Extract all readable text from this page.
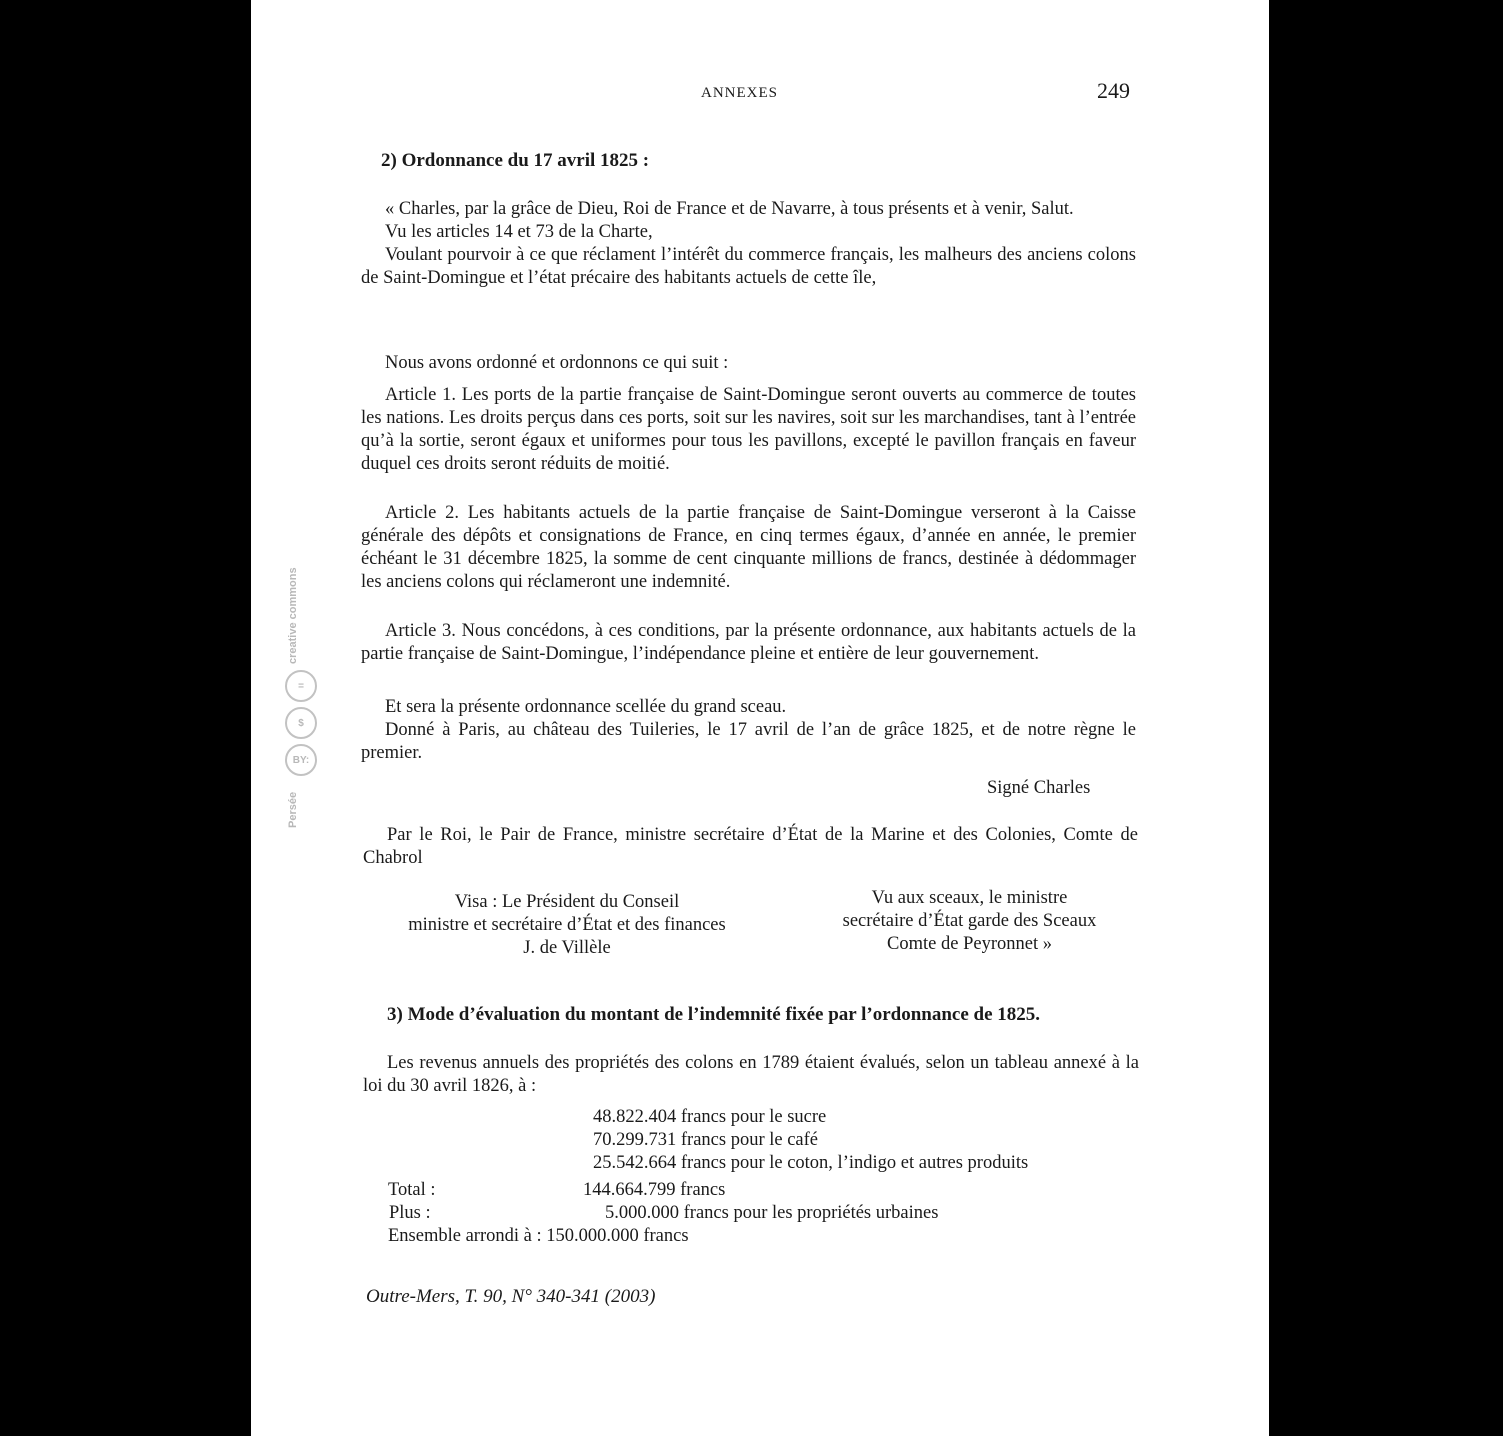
ANNEXES	249
creative commons
=
$
BY:
Persée
2) Ordonnance du 17 avril 1825 :
« Charles, par la grâce de Dieu, Roi de France et de Navarre, à tous présents et à venir, Salut.
Vu les articles 14 et 73 de la Charte,
Voulant pourvoir à ce que réclament l’intérêt du commerce français, les malheurs des anciens colons de Saint-Domingue et l’état précaire des habitants actuels de cette île,
Nous avons ordonné et ordonnons ce qui suit :
Article 1. Les ports de la partie française de Saint-Domingue seront ouverts au commerce de toutes les nations. Les droits perçus dans ces ports, soit sur les navires, soit sur les marchandises, tant à l’entrée qu’à la sortie, seront égaux et uniformes pour tous les pavillons, excepté le pavillon français en faveur duquel ces droits seront réduits de moitié.
Article 2. Les habitants actuels de la partie française de Saint-Domingue verseront à la Caisse générale des dépôts et consignations de France, en cinq termes égaux, d’année en année, le premier échéant le 31 décembre 1825, la somme de cent cinquante millions de francs, destinée à dédommager les anciens colons qui réclameront une indemnité.
Article 3. Nous concédons, à ces conditions, par la présente ordonnance, aux habitants actuels de la partie française de Saint-Domingue, l’indépendance pleine et entière de leur gouvernement.
Et sera la présente ordonnance scellée du grand sceau.
Donné à Paris, au château des Tuileries, le 17 avril de l’an de grâce 1825, et de notre règne le premier.
Signé Charles
Par le Roi, le Pair de France, ministre secrétaire d’État de la Marine et des Colonies, Comte de Chabrol
Visa : Le Président du Conseil
ministre et secrétaire d’État et des finances
J. de Villèle
Vu aux sceaux, le ministre
secrétaire d’État garde des Sceaux
Comte de Peyronnet »
3) Mode d’évaluation du montant de l’indemnité fixée par l’ordonnance de 1825.
Les revenus annuels des propriétés des colons en 1789 étaient évalués, selon un tableau annexé à la loi du 30 avril 1826, à :
48.822.404 francs pour le sucre
70.299.731 francs pour le café
25.542.664 francs pour le coton, l’indigo et autres produits
Total :	144.664.799 francs
Plus :	5.000.000 francs pour les propriétés urbaines
Ensemble arrondi à : 150.000.000 francs
Outre-Mers, T. 90, N° 340-341 (2003)
